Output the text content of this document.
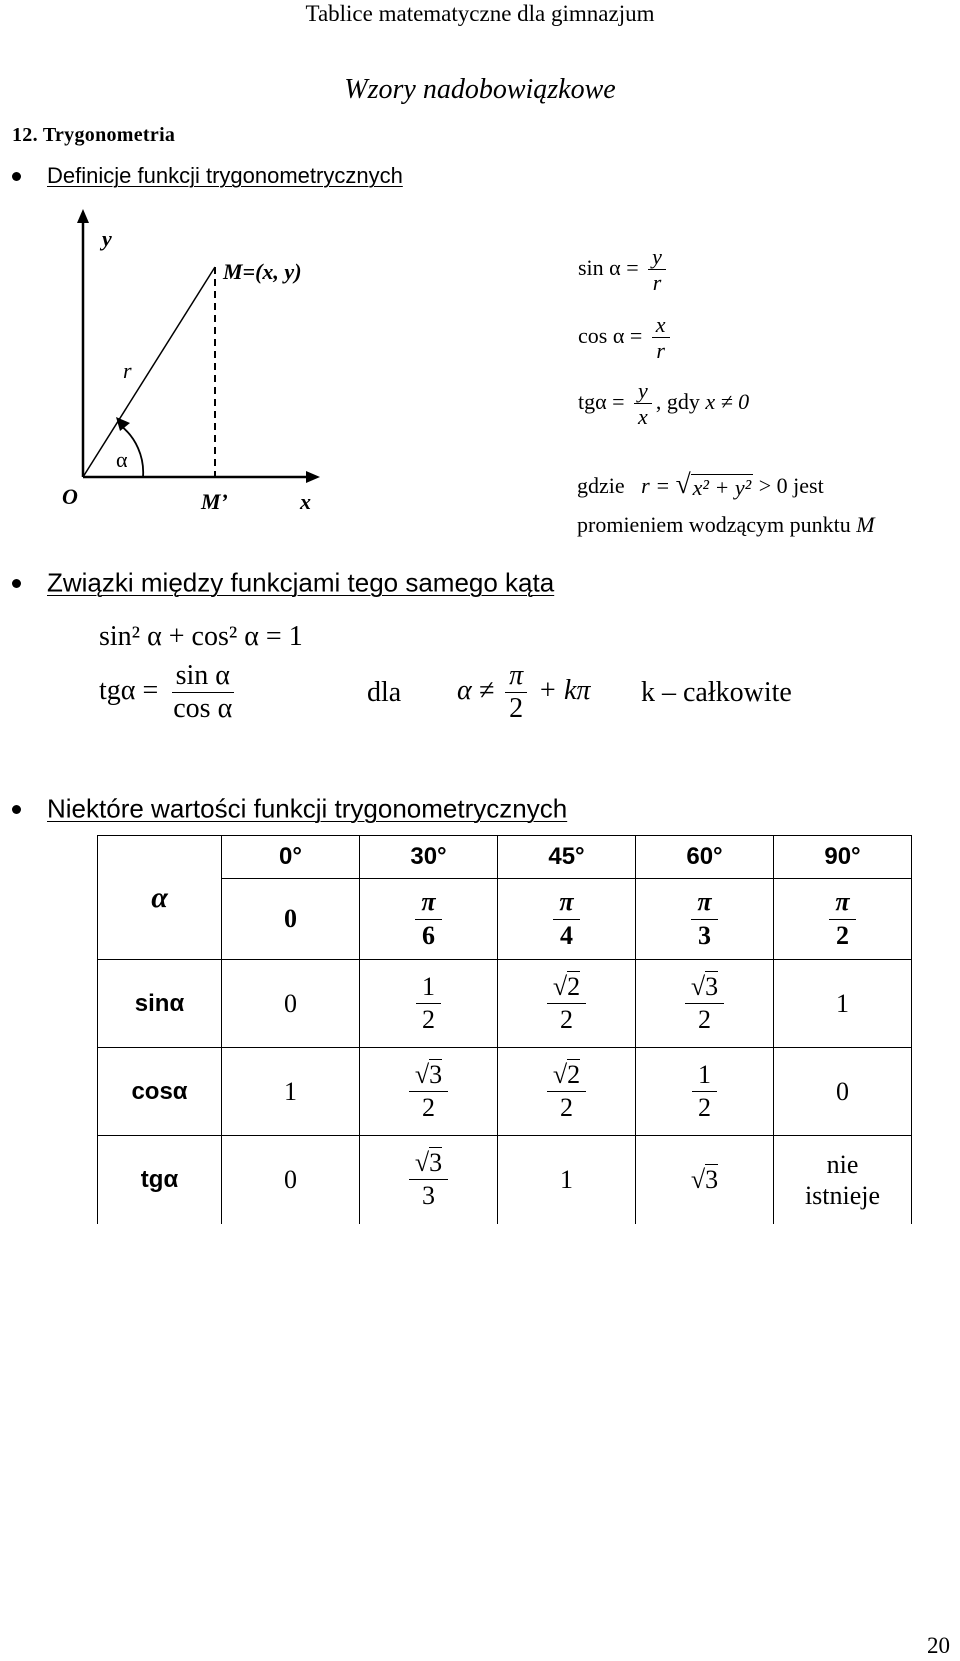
Tablice matematyczne dla gimnazjum
Wzory nadobowiązkowe
12. Trygonometria
Definicje funkcji trygonometrycznych
y
M=(x, y)
r
α
O	M’	x
$\sin \alpha = \frac{y}{r}$
$\cos \alpha = \frac{x}{r}$
$tg\alpha = \frac{y}{x}$ , gdy x ≠ 0
gdzie r = √ x² + y² > 0 jest
promieniem wodzącym punktu M
Związki między funkcjami tego samego kąta
sin² α + cos² α = 1
$tg\alpha = \frac{\text{sin α}}{\text{cos α}}$	dla $\alpha \ne \frac{\pi}{2} + k\pi$ k – całkowite
Niektóre wartości funkcji trygonometrycznych
α	0°	30°	45°	60°	90°
	0	$\frac{\pi}{6}$	$\frac{\pi}{4}$	$\frac{\pi}{3}$	$\frac{\pi}{2}$

sinα	0	$\frac{1}{2}$	$\frac{√2}{2}$	$\frac{√3}{2}$	1
cosα	1	$\frac{√3}{2}$	$\frac{√2}{2}$	$\frac{1}{2}$	0
tgα	0	$\frac{√3}{3}$	1	√3	nie istnieje
20
